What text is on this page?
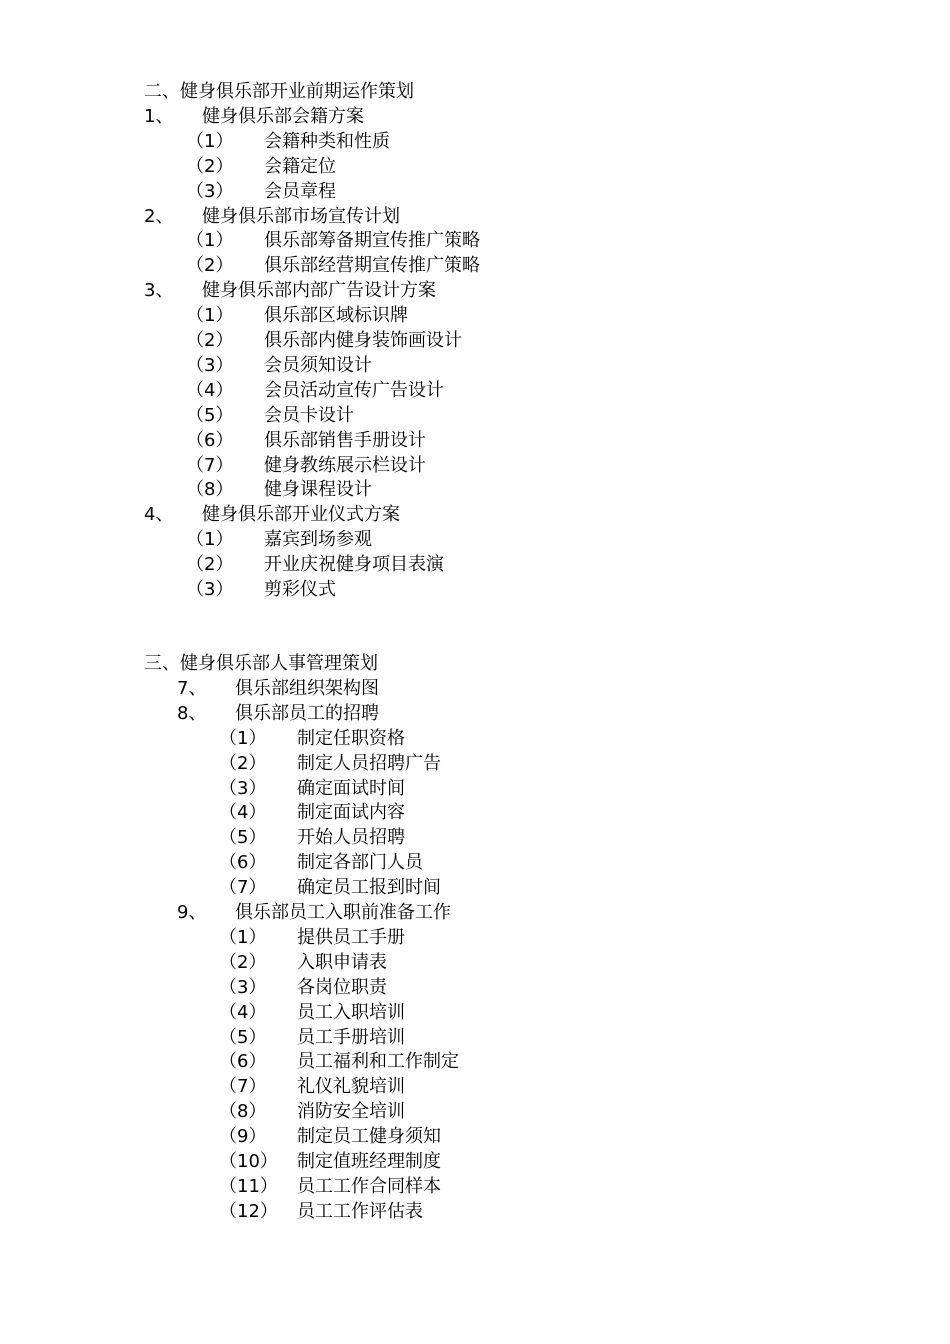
二、健身俱乐部开业前期运作策划
1、 健身俱乐部会籍方案
（1） 会籍种类和性质
（2） 会籍定位
（3） 会员章程
2、 健身俱乐部市场宣传计划
（1） 俱乐部筹备期宣传推广策略
（2） 俱乐部经营期宣传推广策略
3、 健身俱乐部内部广告设计方案
（1） 俱乐部区域标识牌
（2） 俱乐部内健身装饰画设计
（3） 会员须知设计
（4） 会员活动宣传广告设计
（5） 会员卡设计
（6） 俱乐部销售手册设计
（7） 健身教练展示栏设计
（8） 健身课程设计
4、 健身俱乐部开业仪式方案
（1） 嘉宾到场参观
（2） 开业庆祝健身项目表演
（3） 剪彩仪式
三、健身俱乐部人事管理策划
7、 俱乐部组织架构图
8、 俱乐部员工的招聘
（1） 制定任职资格
（2） 制定人员招聘广告
（3） 确定面试时间
（4） 制定面试内容
（5） 开始人员招聘
（6） 制定各部门人员
（7） 确定员工报到时间
9、 俱乐部员工入职前准备工作
（1） 提供员工手册
（2） 入职申请表
（3） 各岗位职责
（4） 员工入职培训
（5） 员工手册培训
（6） 员工福利和工作制定
（7） 礼仪礼貌培训
（8） 消防安全培训
（9） 制定员工健身须知
（10） 制定值班经理制度
（11） 员工工作合同样本
（12） 员工工作评估表
